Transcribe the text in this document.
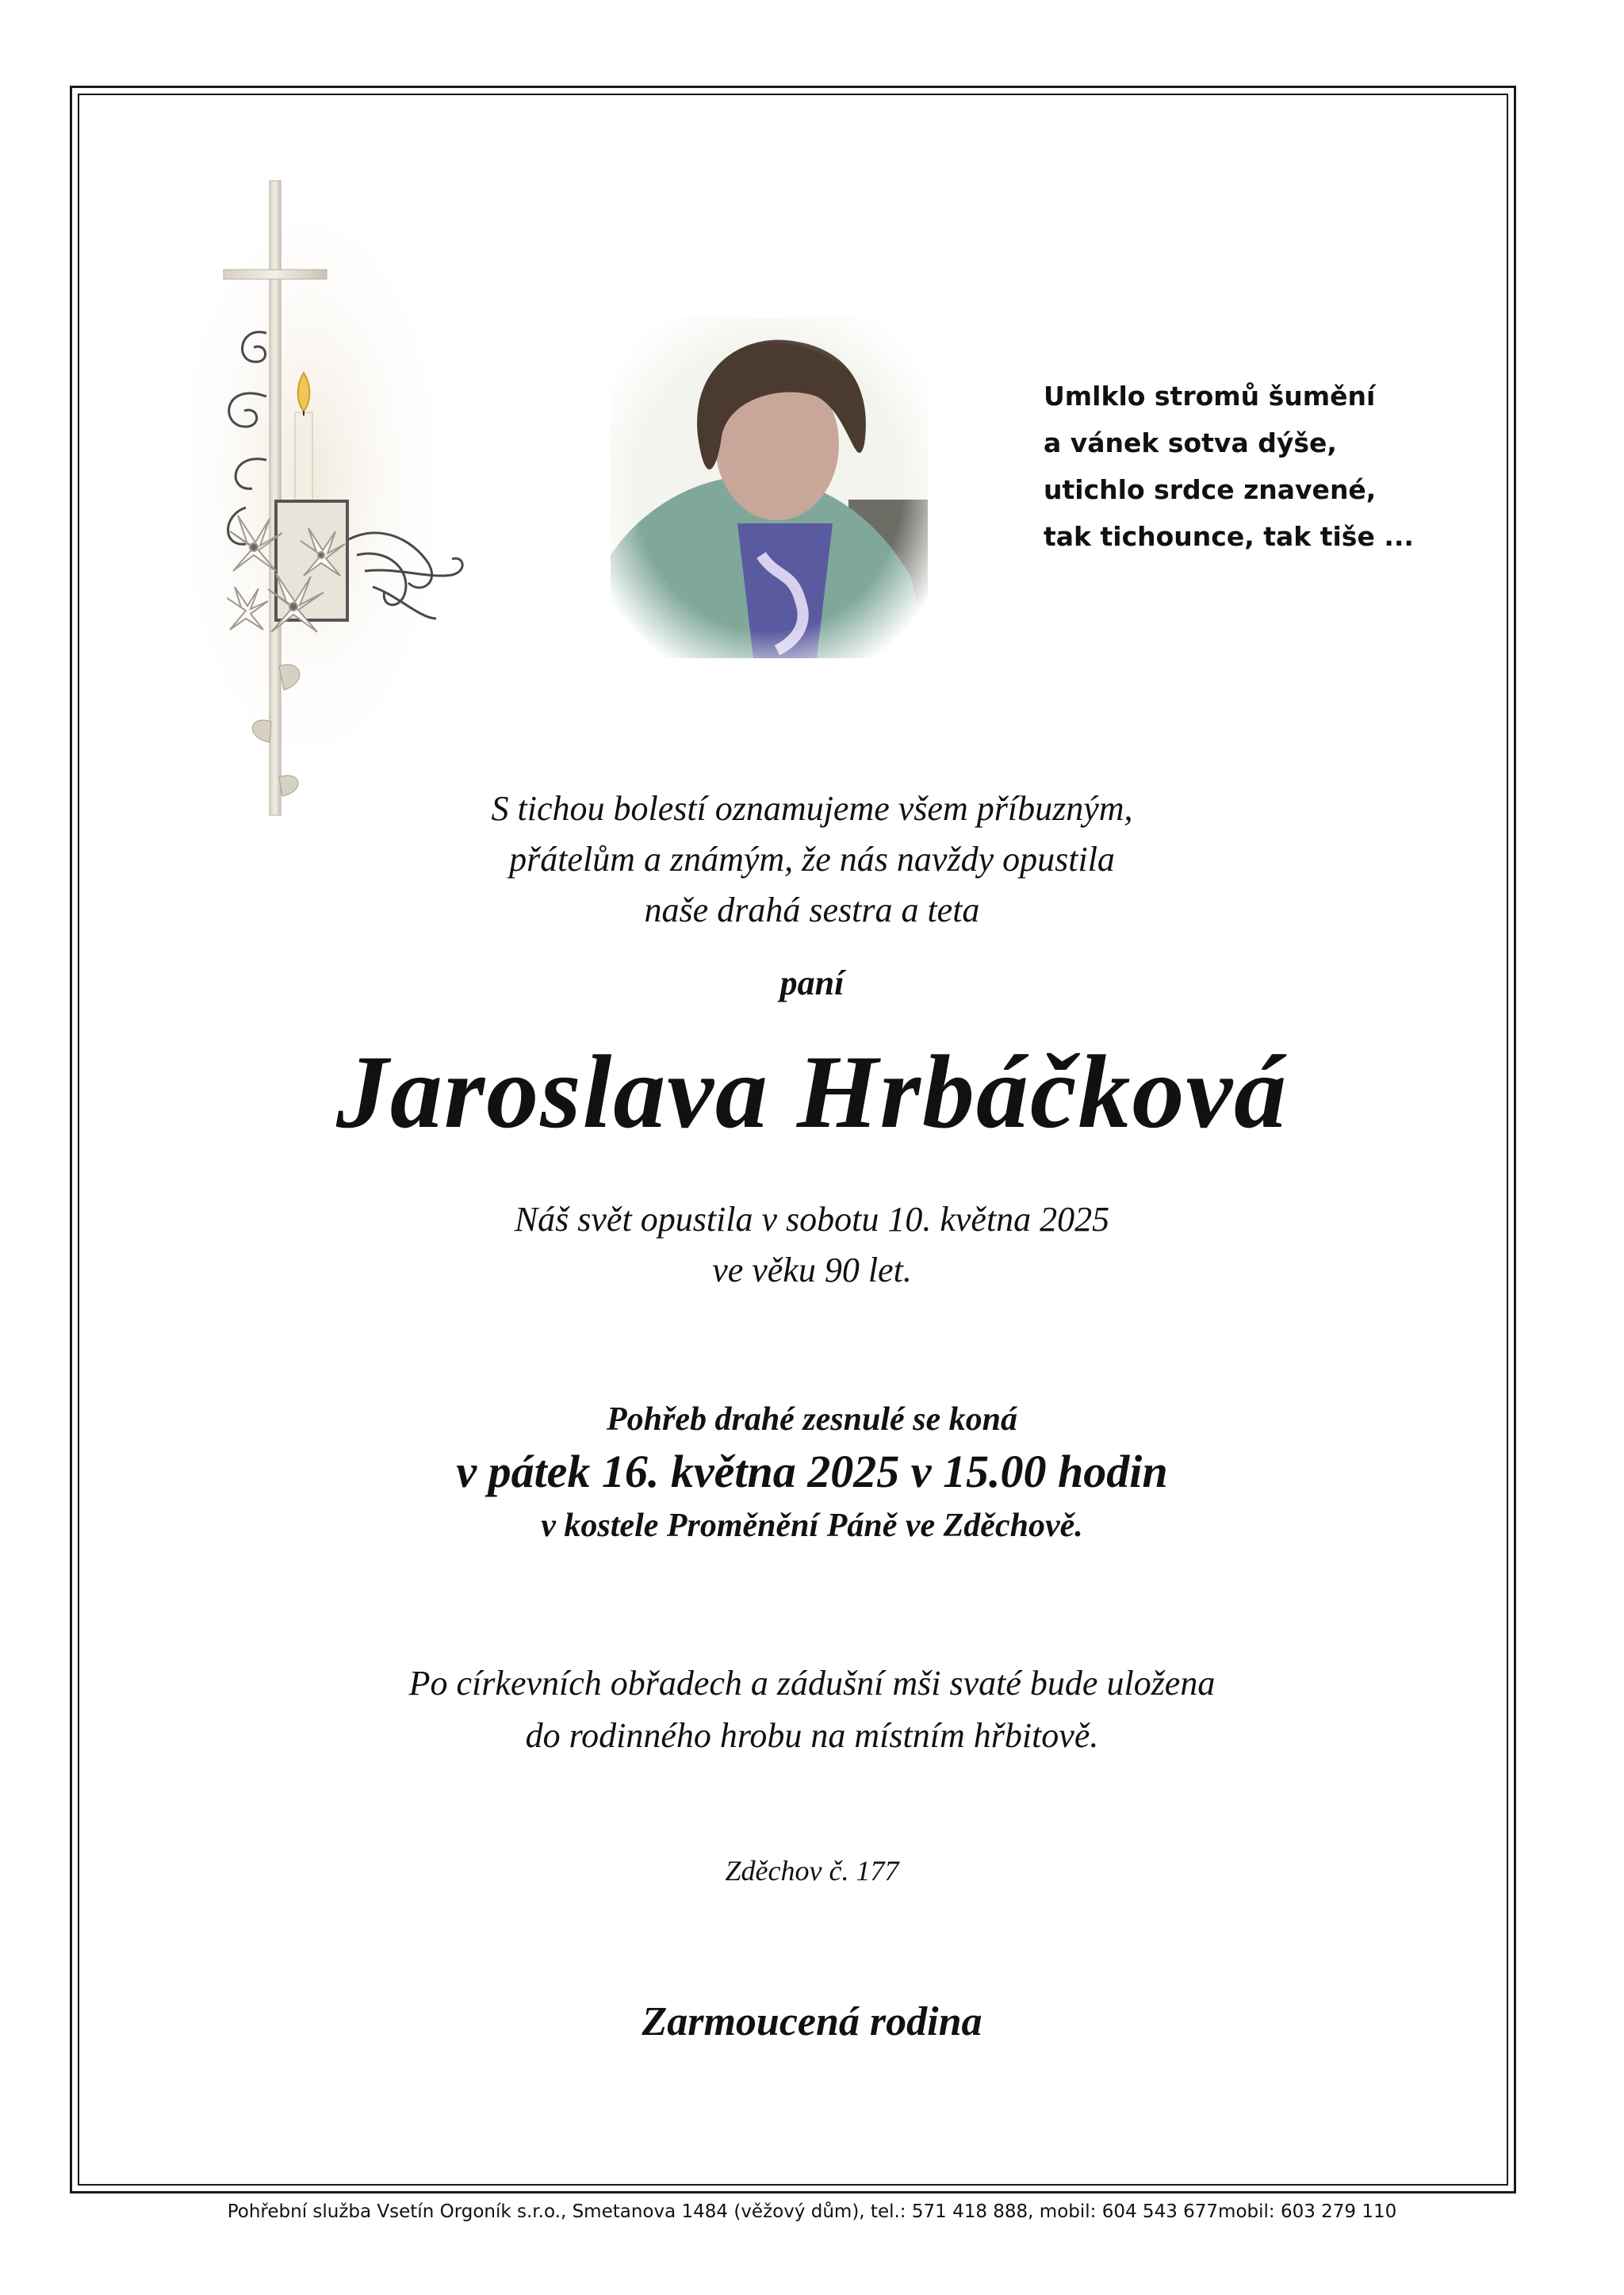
Umlklo stromů šumění
a vánek sotva dýše,
utichlo srdce znavené,
tak tichounce, tak tiše ...
S tichou bolestí oznamujeme všem příbuzným,
přátelům a známým, že nás navždy opustila
naše drahá sestra a teta
paní
Jaroslava Hrbáčková
Náš svět opustila v sobotu 10. května 2025
ve věku 90 let.
Pohřeb drahé zesnulé se koná
v pátek 16. května 2025 v 15.00 hodin
v kostele Proměnění Páně ve Zděchově.
Po církevních obřadech a zádušní mši svaté bude uložena
do rodinného hrobu na místním hřbitově.
Zděchov č. 177
Zarmoucená rodina
Pohřební služba Vsetín Orgoník s.r.o., Smetanova 1484 (věžový dům), tel.: 571 418 888, mobil: 604 543 677mobil: 603 279 110
